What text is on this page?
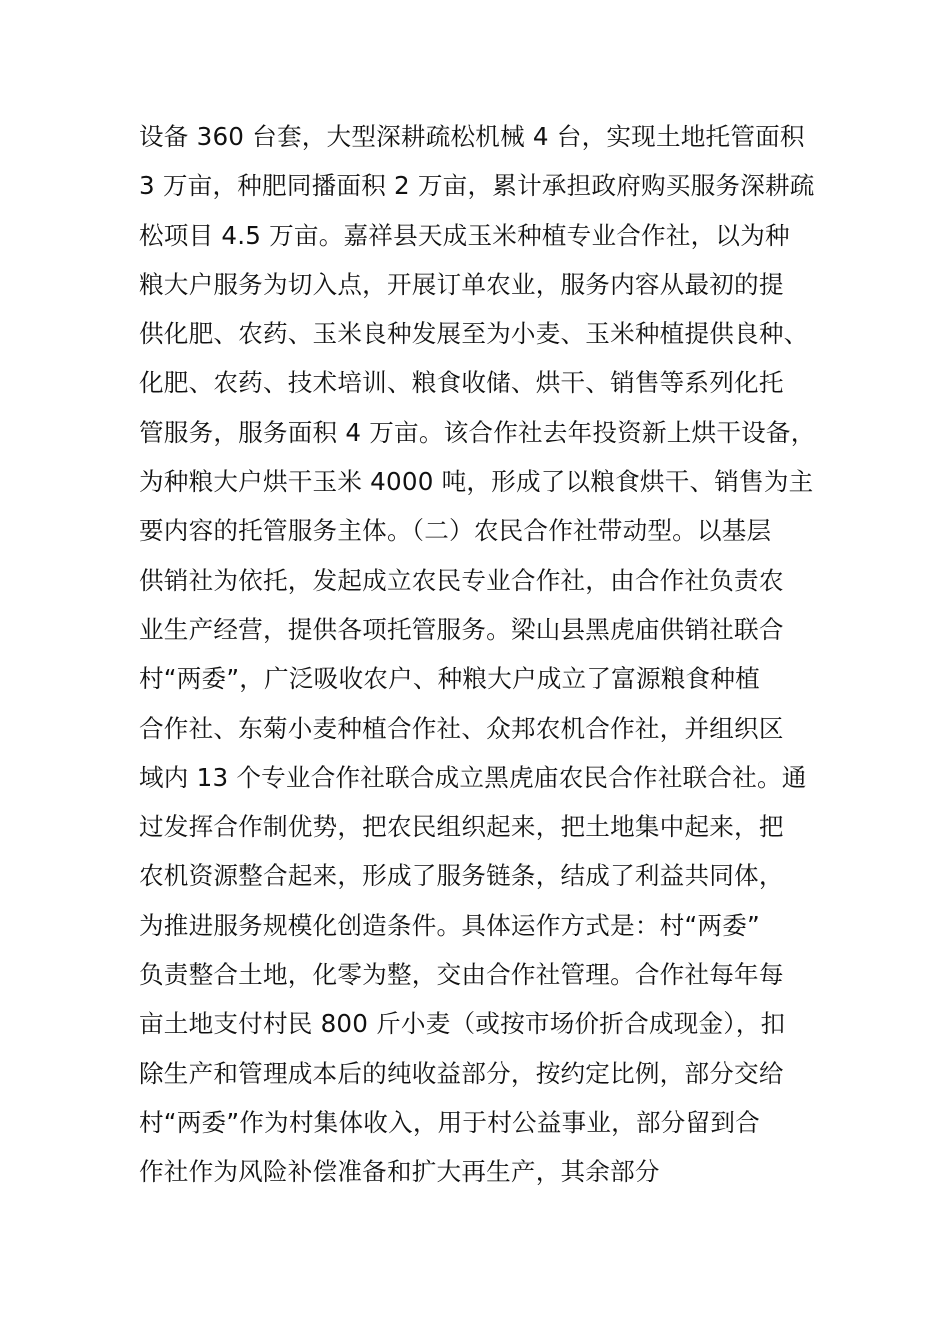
设备 360 台套，大型深耕疏松机械 4 台，实现土地托管面积
3 万亩，种肥同播面积 2 万亩，累计承担政府购买服务深耕疏
松项目 4.5 万亩。嘉祥县天成玉米种植专业合作社，以为种
粮大户服务为切入点，开展订单农业，服务内容从最初的提
供化肥、农药、玉米良种发展至为小麦、玉米种植提供良种、
化肥、农药、技术培训、粮食收储、烘干、销售等系列化托
管服务，服务面积 4 万亩。该合作社去年投资新上烘干设备，
为种粮大户烘干玉米 4000 吨，形成了以粮食烘干、销售为主
要内容的托管服务主体。（二）农民合作社带动型。以基层
供销社为依托，发起成立农民专业合作社，由合作社负责农
业生产经营，提供各项托管服务。梁山县黑虎庙供销社联合
村“两委”，广泛吸收农户、种粮大户成立了富源粮食种植
合作社、东菊小麦种植合作社、众邦农机合作社，并组织区
域内 13 个专业合作社联合成立黑虎庙农民合作社联合社。通
过发挥合作制优势，把农民组织起来，把土地集中起来，把
农机资源整合起来，形成了服务链条，结成了利益共同体，
为推进服务规模化创造条件。具体运作方式是：村“两委”
负责整合土地，化零为整，交由合作社管理。合作社每年每
亩土地支付村民 800 斤小麦（或按市场价折合成现金），扣
除生产和管理成本后的纯收益部分，按约定比例，部分交给
村“两委”作为村集体收入，用于村公益事业，部分留到合
作社作为风险补偿准备和扩大再生产，其余部分
